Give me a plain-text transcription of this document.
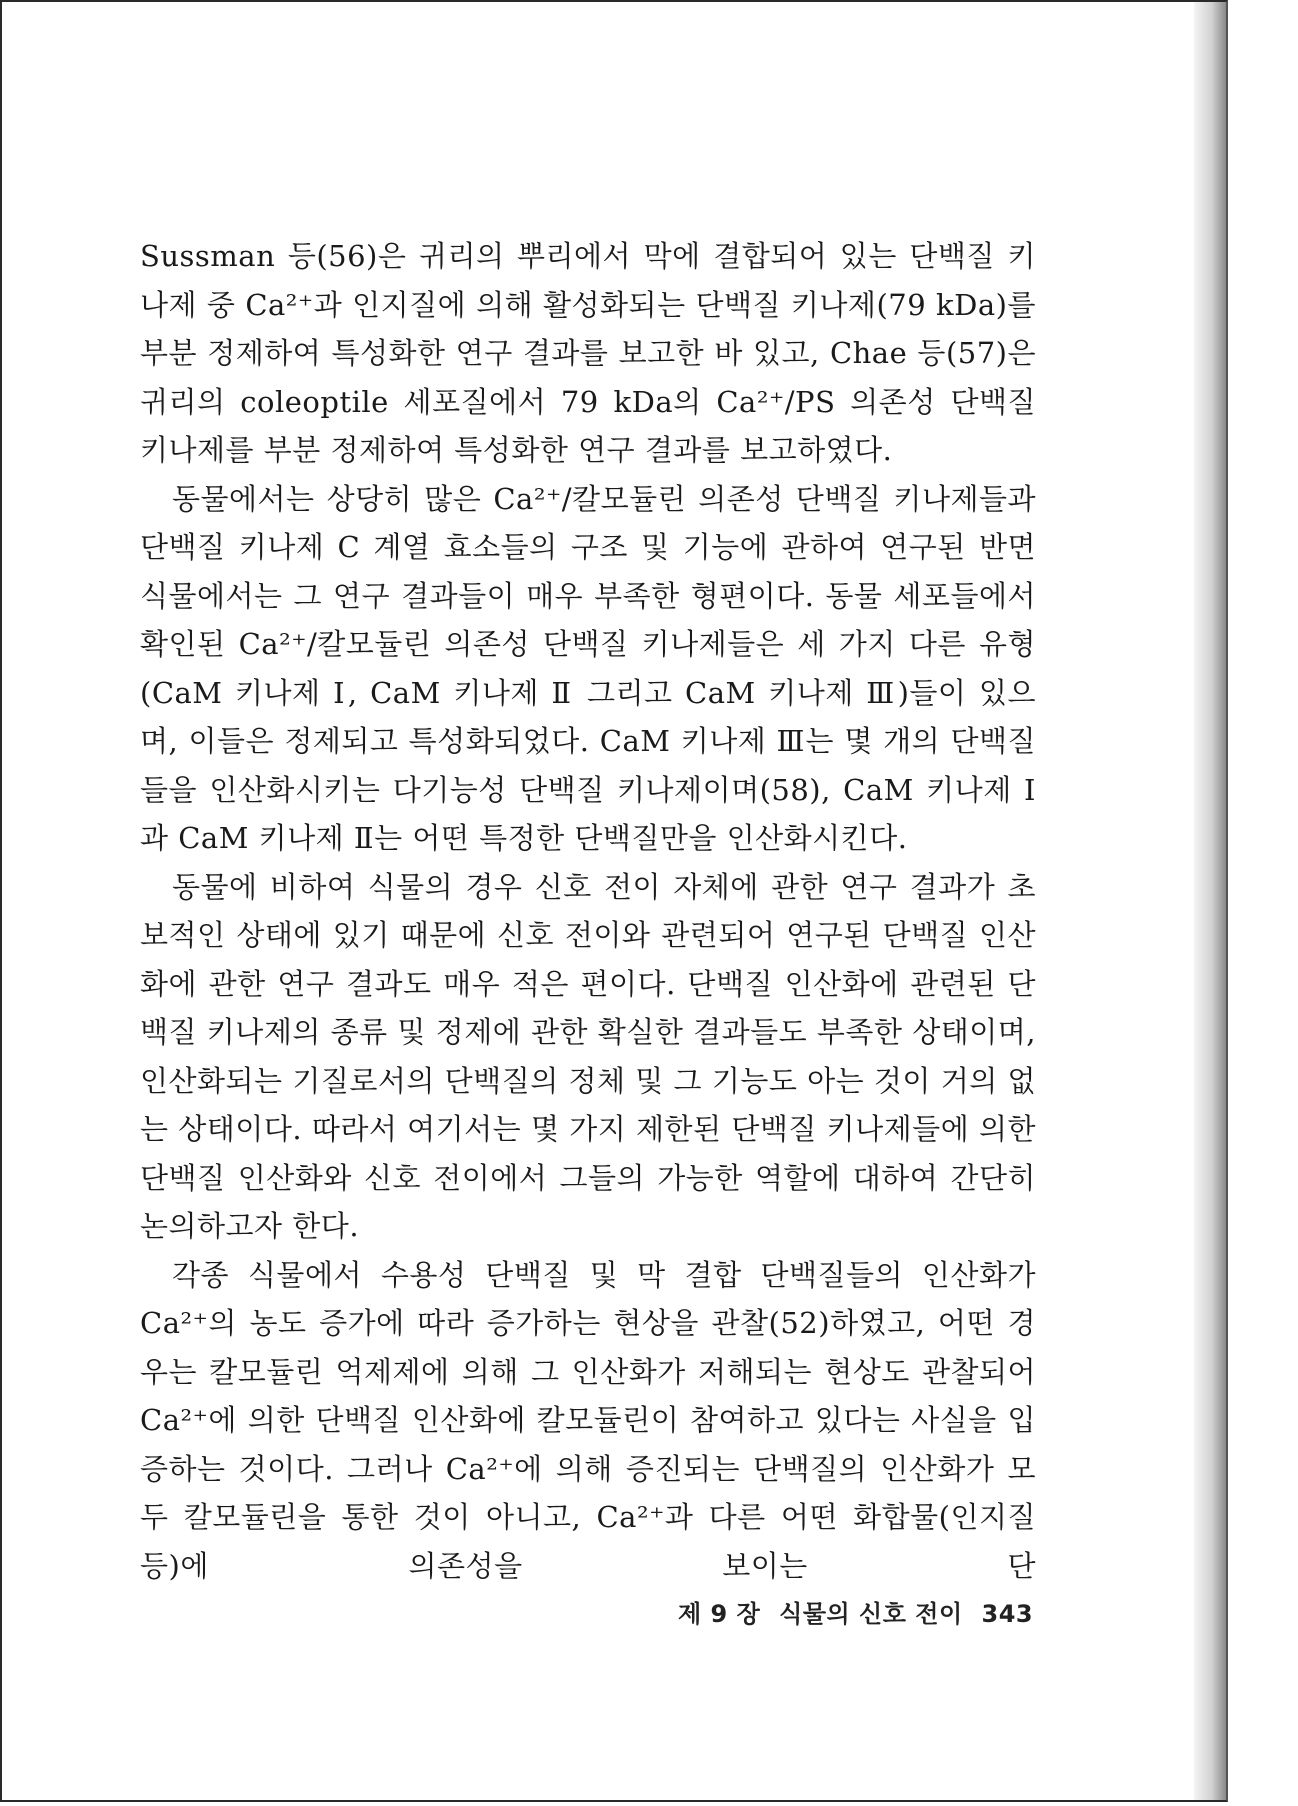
Sussman 등(56)은 귀리의 뿌리에서 막에 결합되어 있는 단백질 키나제 중 Ca²⁺과 인지질에 의해 활성화되는 단백질 키나제(79 kDa)를 부분 정제하여 특성화한 연구 결과를 보고한 바 있고, Chae 등(57)은 귀리의 coleoptile 세포질에서 79 kDa의 Ca²⁺/PS 의존성 단백질 키나제를 부분 정제하여 특성화한 연구 결과를 보고하였다.

동물에서는 상당히 많은 Ca²⁺/칼모듈린 의존성 단백질 키나제들과 단백질 키나제 C 계열 효소들의 구조 및 기능에 관하여 연구된 반면 식물에서는 그 연구 결과들이 매우 부족한 형편이다. 동물 세포들에서 확인된 Ca²⁺/칼모듈린 의존성 단백질 키나제들은 세 가지 다른 유형(CaM 키나제 Ⅰ, CaM 키나제 Ⅱ 그리고 CaM 키나제 Ⅲ)들이 있으며, 이들은 정제되고 특성화되었다. CaM 키나제 Ⅲ는 몇 개의 단백질들을 인산화시키는 다기능성 단백질 키나제이며(58), CaM 키나제 Ⅰ과 CaM 키나제 Ⅱ는 어떤 특정한 단백질만을 인산화시킨다.

동물에 비하여 식물의 경우 신호 전이 자체에 관한 연구 결과가 초보적인 상태에 있기 때문에 신호 전이와 관련되어 연구된 단백질 인산화에 관한 연구 결과도 매우 적은 편이다. 단백질 인산화에 관련된 단백질 키나제의 종류 및 정제에 관한 확실한 결과들도 부족한 상태이며, 인산화되는 기질로서의 단백질의 정체 및 그 기능도 아는 것이 거의 없는 상태이다. 따라서 여기서는 몇 가지 제한된 단백질 키나제들에 의한 단백질 인산화와 신호 전이에서 그들의 가능한 역할에 대하여 간단히 논의하고자 한다.

각종 식물에서 수용성 단백질 및 막 결합 단백질들의 인산화가 Ca²⁺의 농도 증가에 따라 증가하는 현상을 관찰(52)하였고, 어떤 경우는 칼모듈린 억제제에 의해 그 인산화가 저해되는 현상도 관찰되어 Ca²⁺에 의한 단백질 인산화에 칼모듈린이 참여하고 있다는 사실을 입증하는 것이다. 그러나 Ca²⁺에 의해 증진되는 단백질의 인산화가 모두 칼모듈린을 통한 것이 아니고, Ca²⁺과 다른 어떤 화합물(인지질 등)에 의존성을 보이는 단

제 9 장 식물의 신호 전이 343
